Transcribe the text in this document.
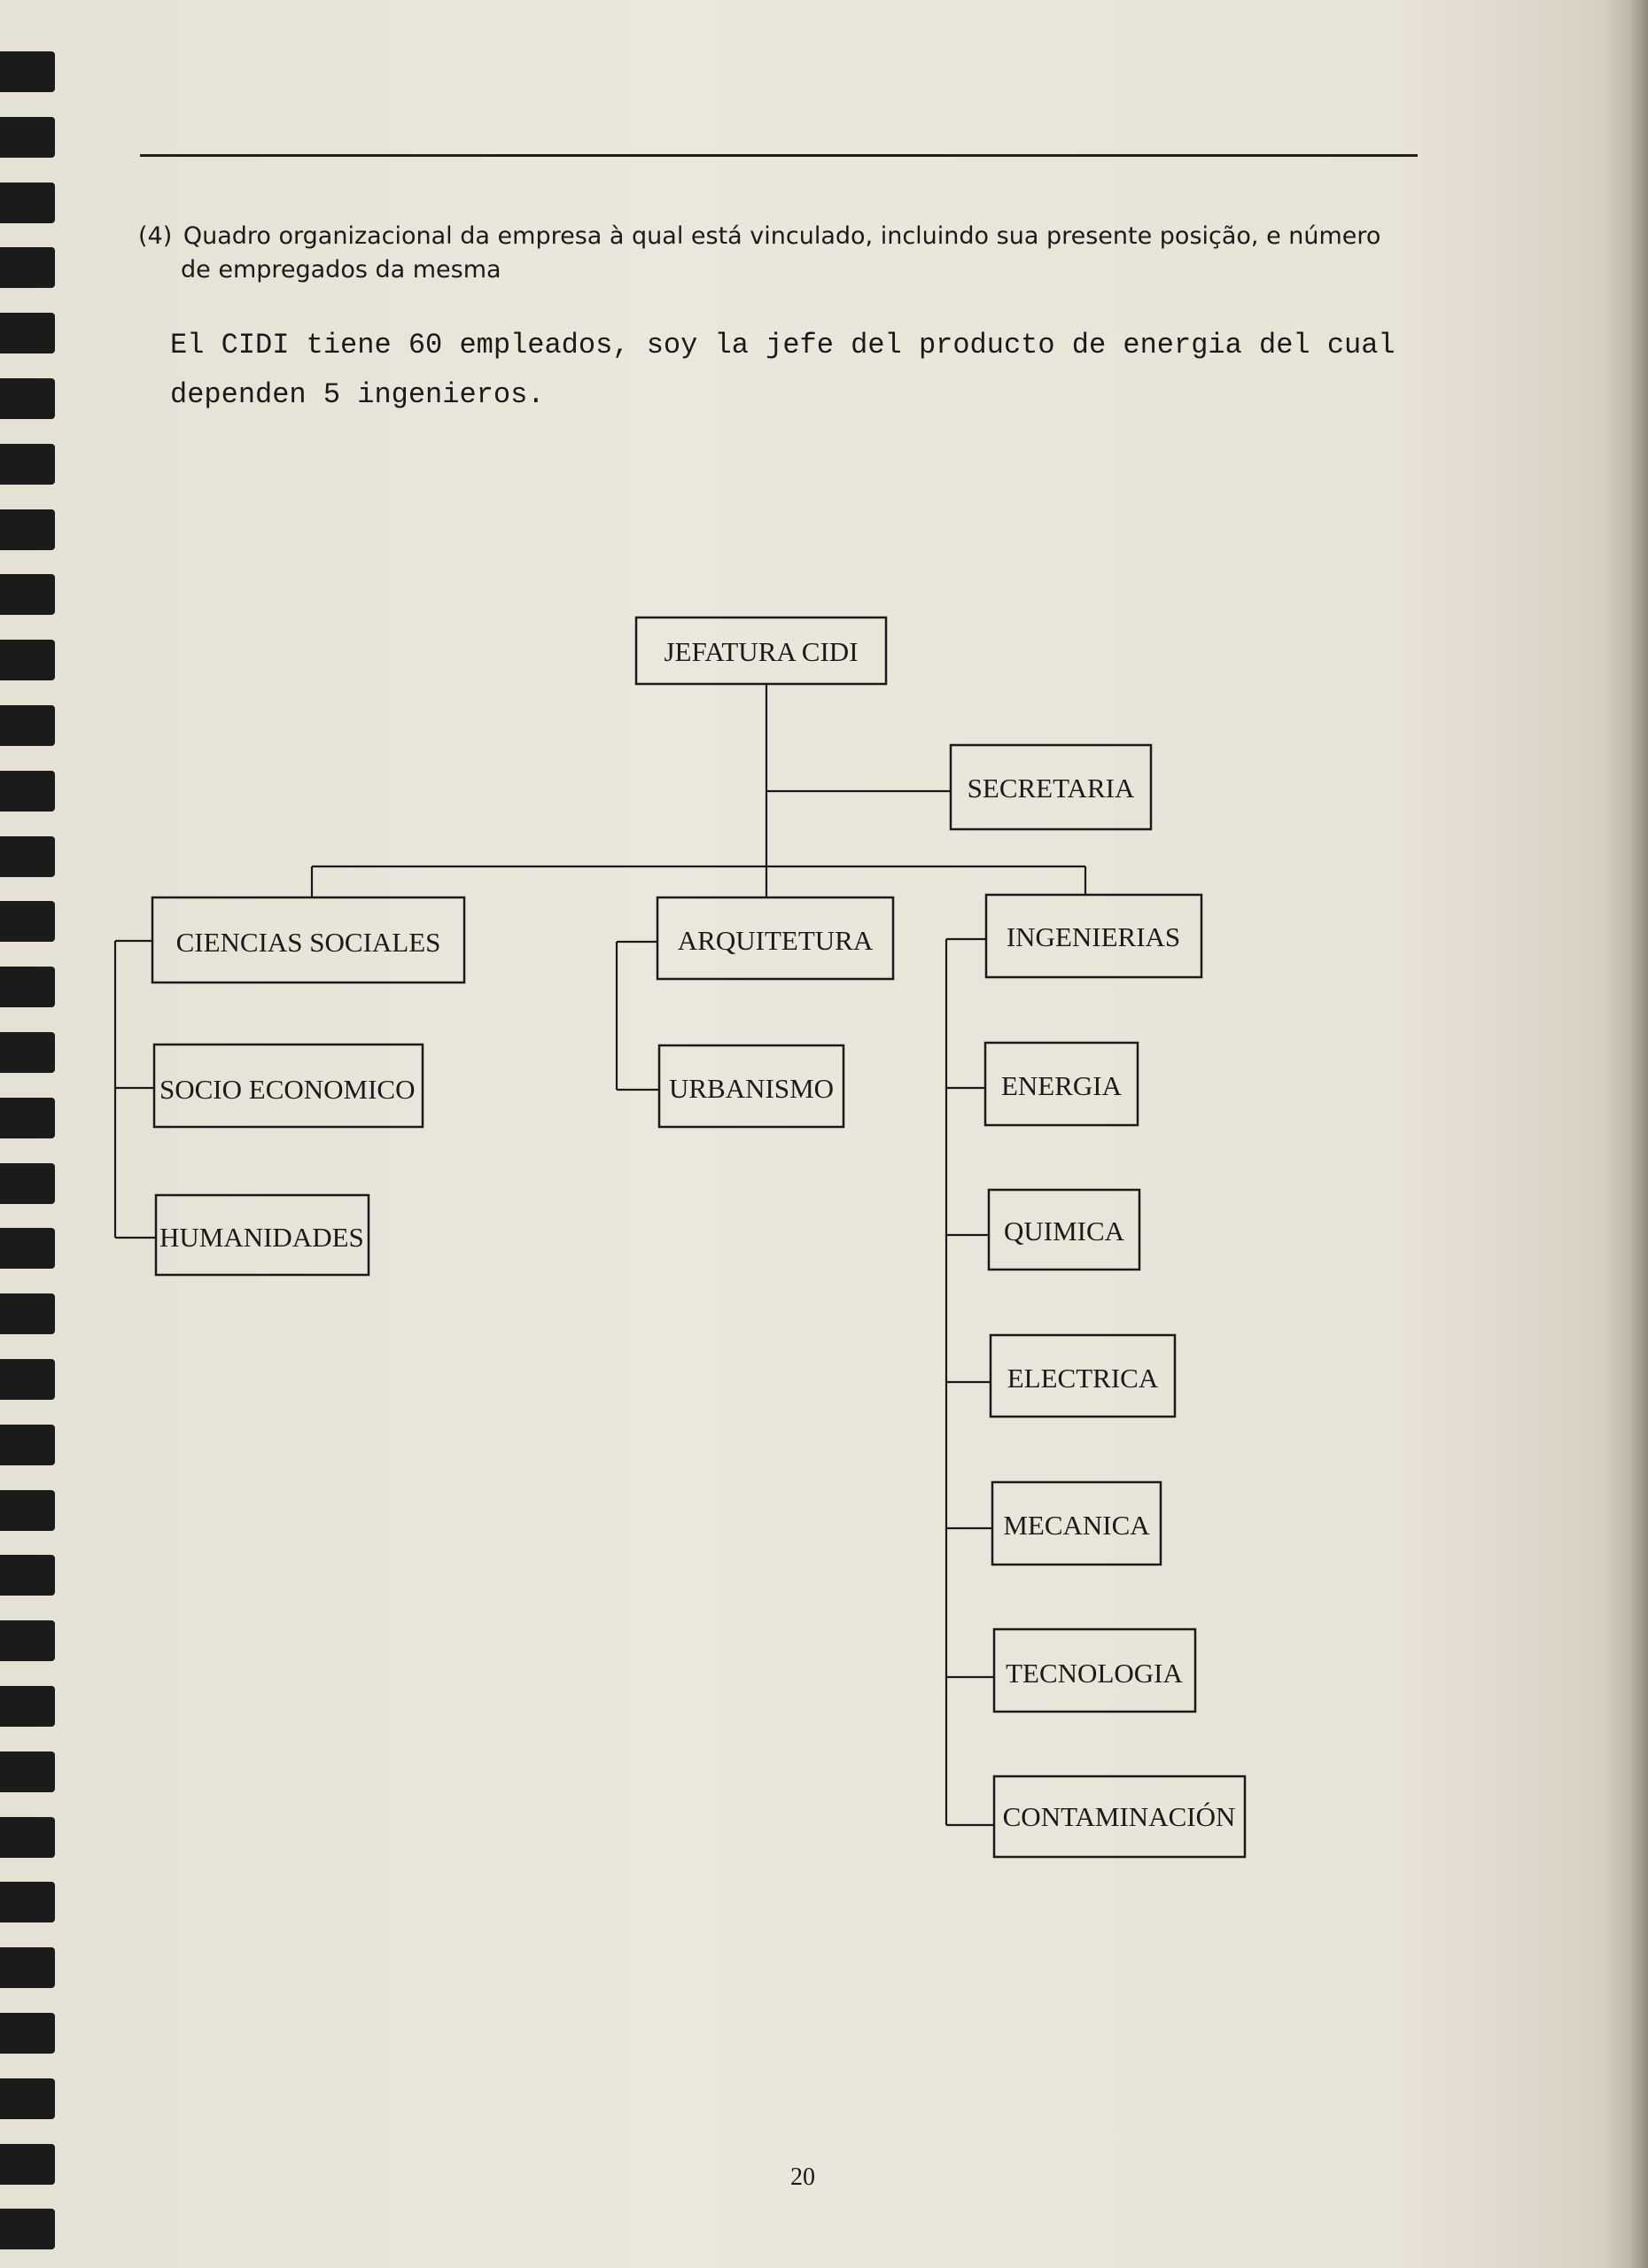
(4) Quadro organizacional da empresa à qual está vinculado, incluindo sua presente posição, e número
de empregados da mesma
El CIDI tiene 60 empleados, soy la jefe del producto de energia del cual
dependen 5 ingenieros.
JEFATURA CIDI
SECRETARIA
CIENCIAS SOCIALES	ARQUITETURA	INGENIERIAS
SOCIO ECONOMICO
HUMANIDADES
URBANISMO	ENERGIA
QUIMICA
ELECTRICA
MECANICA
TECNOLOGIA
CONTAMINACIÓN
20
